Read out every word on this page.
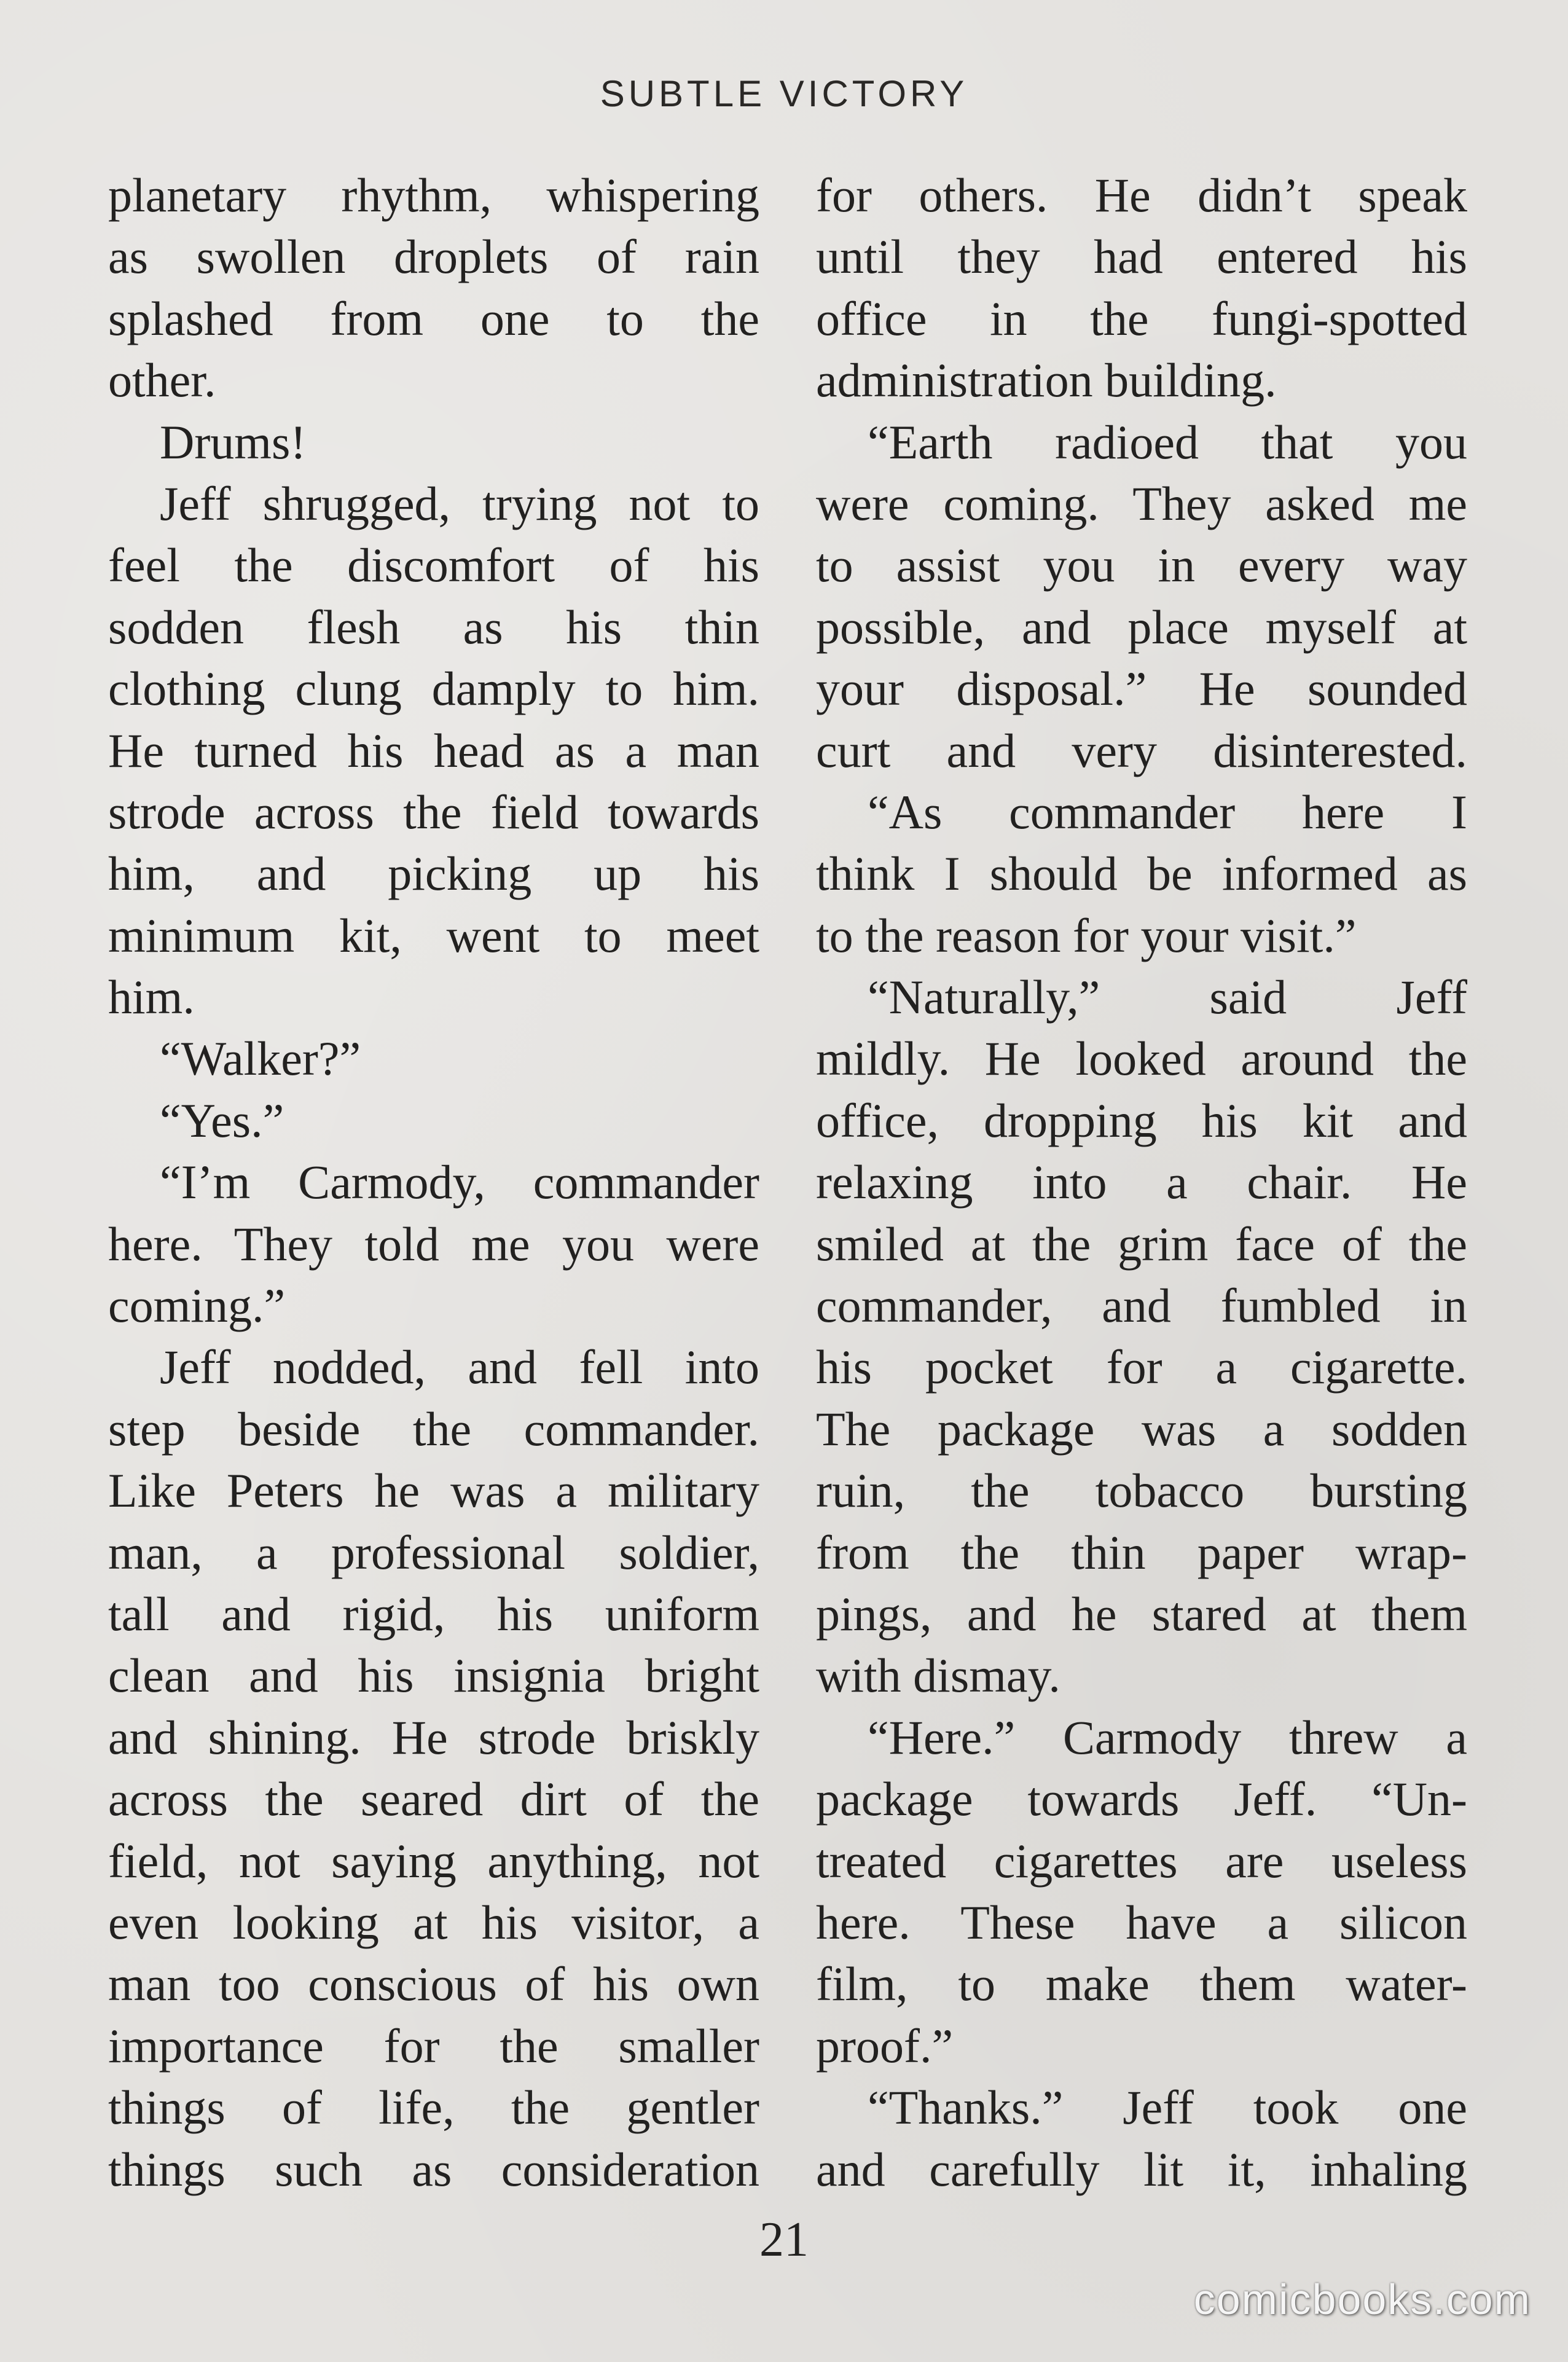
SUBTLE VICTORY
planetary rhythm, whispering
as swollen droplets of rain
splashed from one to the
other.
Drums!
Jeff shrugged, trying not to
feel the discomfort of his
sodden flesh as his thin
clothing clung damply to him.
He turned his head as a man
strode across the field towards
him, and picking up his
minimum kit, went to meet
him.
“Walker?”
“Yes.”
“I’m Carmody, commander
here. They told me you were
coming.”
Jeff nodded, and fell into
step beside the commander.
Like Peters he was a military
man, a professional soldier,
tall and rigid, his uniform
clean and his insignia bright
and shining. He strode briskly
across the seared dirt of the
field, not saying anything, not
even looking at his visitor, a
man too conscious of his own
importance for the smaller
things of life, the gentler
things such as consideration
for others. He didn’t speak
until they had entered his
office in the fungi-spotted
administration building.
“Earth radioed that you
were coming. They asked me
to assist you in every way
possible, and place myself at
your disposal.” He sounded
curt and very disinterested.
“As commander here I
think I should be informed as
to the reason for your visit.”
“Naturally,” said Jeff
mildly. He looked around the
office, dropping his kit and
relaxing into a chair. He
smiled at the grim face of the
commander, and fumbled in
his pocket for a cigarette.
The package was a sodden
ruin, the tobacco bursting
from the thin paper wrap-
pings, and he stared at them
with dismay.
“Here.” Carmody threw a
package towards Jeff. “Un-
treated cigarettes are useless
here. These have a silicon
film, to make them water-
proof.”
“Thanks.” Jeff took one
and carefully lit it, inhaling
21
comicbooks.com
